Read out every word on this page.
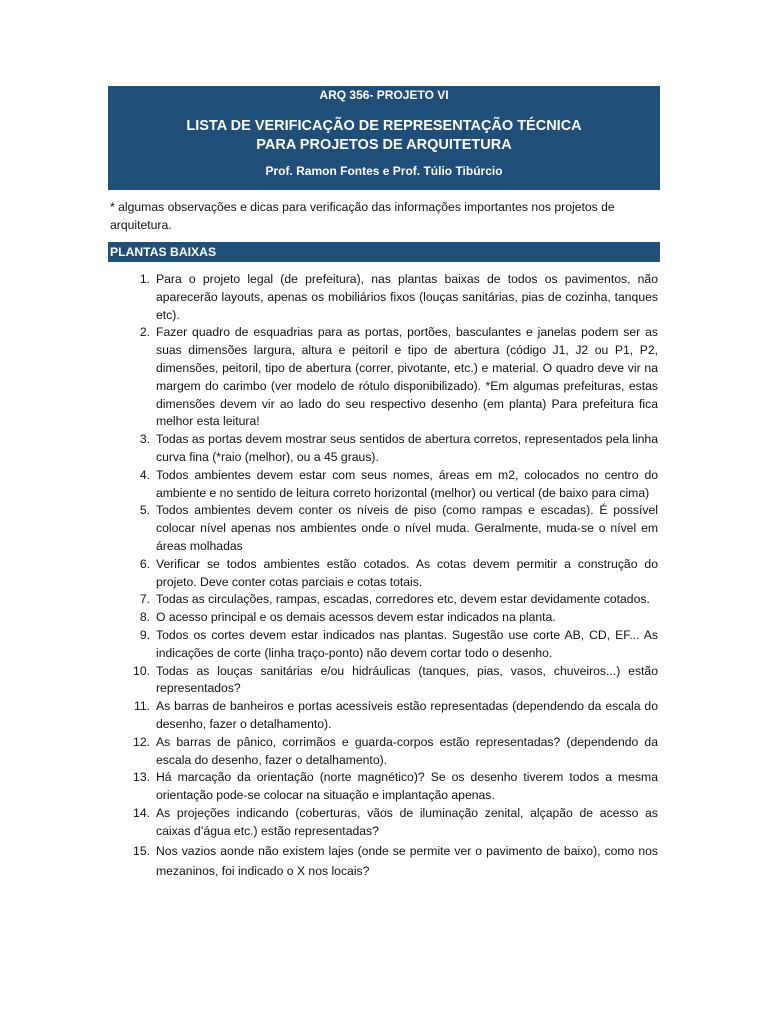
ARQ 356- PROJETO VI
LISTA DE VERIFICAÇÃO DE REPRESENTAÇÃO TÉCNICA
PARA PROJETOS DE ARQUITETURA
Prof. Ramon Fontes e Prof. Túlio Tibúrcio
* algumas observações e dicas para verificação das informações importantes nos projetos de arquitetura.
PLANTAS BAIXAS
1. Para o projeto legal (de prefeitura), nas plantas baixas de todos os pavimentos, não aparecerão layouts, apenas os mobiliários fixos (louças sanitárias, pias de cozinha, tanques etc).
2. Fazer quadro de esquadrias para as portas, portões, basculantes e janelas podem ser as suas dimensões largura, altura e peitoril e tipo de abertura (código J1, J2 ou P1, P2, dimensões, peitoril, tipo de abertura (correr, pivotante, etc.) e material. O quadro deve vir na margem do carimbo (ver modelo de rótulo disponibilizado). *Em algumas prefeituras, estas dimensões devem vir ao lado do seu respectivo desenho (em planta) Para prefeitura fica melhor esta leitura!
3. Todas as portas devem mostrar seus sentidos de abertura corretos, representados pela linha curva fina (*raio (melhor), ou a 45 graus).
4. Todos ambientes devem estar com seus nomes, áreas em m2, colocados no centro do ambiente e no sentido de leitura correto horizontal (melhor) ou vertical (de baixo para cima)
5. Todos ambientes devem conter os níveis de piso (como rampas e escadas). É possível colocar nível apenas nos ambientes onde o nível muda. Geralmente, muda-se o nível em áreas molhadas
6. Verificar se todos ambientes estão cotados. As cotas devem permitir a construção do projeto. Deve conter cotas parciais e cotas totais.
7. Todas as circulações, rampas, escadas, corredores etc, devem estar devidamente cotados.
8. O acesso principal e os demais acessos devem estar indicados na planta.
9. Todos os cortes devem estar indicados nas plantas. Sugestão use corte AB, CD, EF... As indicações de corte (linha traço-ponto) não devem cortar todo o desenho.
10. Todas as louças sanitárias e/ou hidráulicas (tanques, pias, vasos, chuveiros...) estão representados?
11. As barras de banheiros e portas acessíveis estão representadas (dependendo da escala do desenho, fazer o detalhamento).
12. As barras de pânico, corrimãos e guarda-corpos estão representadas? (dependendo da escala do desenho, fazer o detalhamento).
13. Há marcação da orientação (norte magnético)? Se os desenho tiverem todos a mesma orientação pode-se colocar na situação e implantação apenas.
14. As projeções indicando (coberturas, vãos de iluminação zenital, alçapão de acesso as caixas d’água etc.) estão representadas?
15. Nos vazios aonde não existem lajes (onde se permite ver o pavimento de baixo), como nos mezaninos, foi indicado o X nos locais?
